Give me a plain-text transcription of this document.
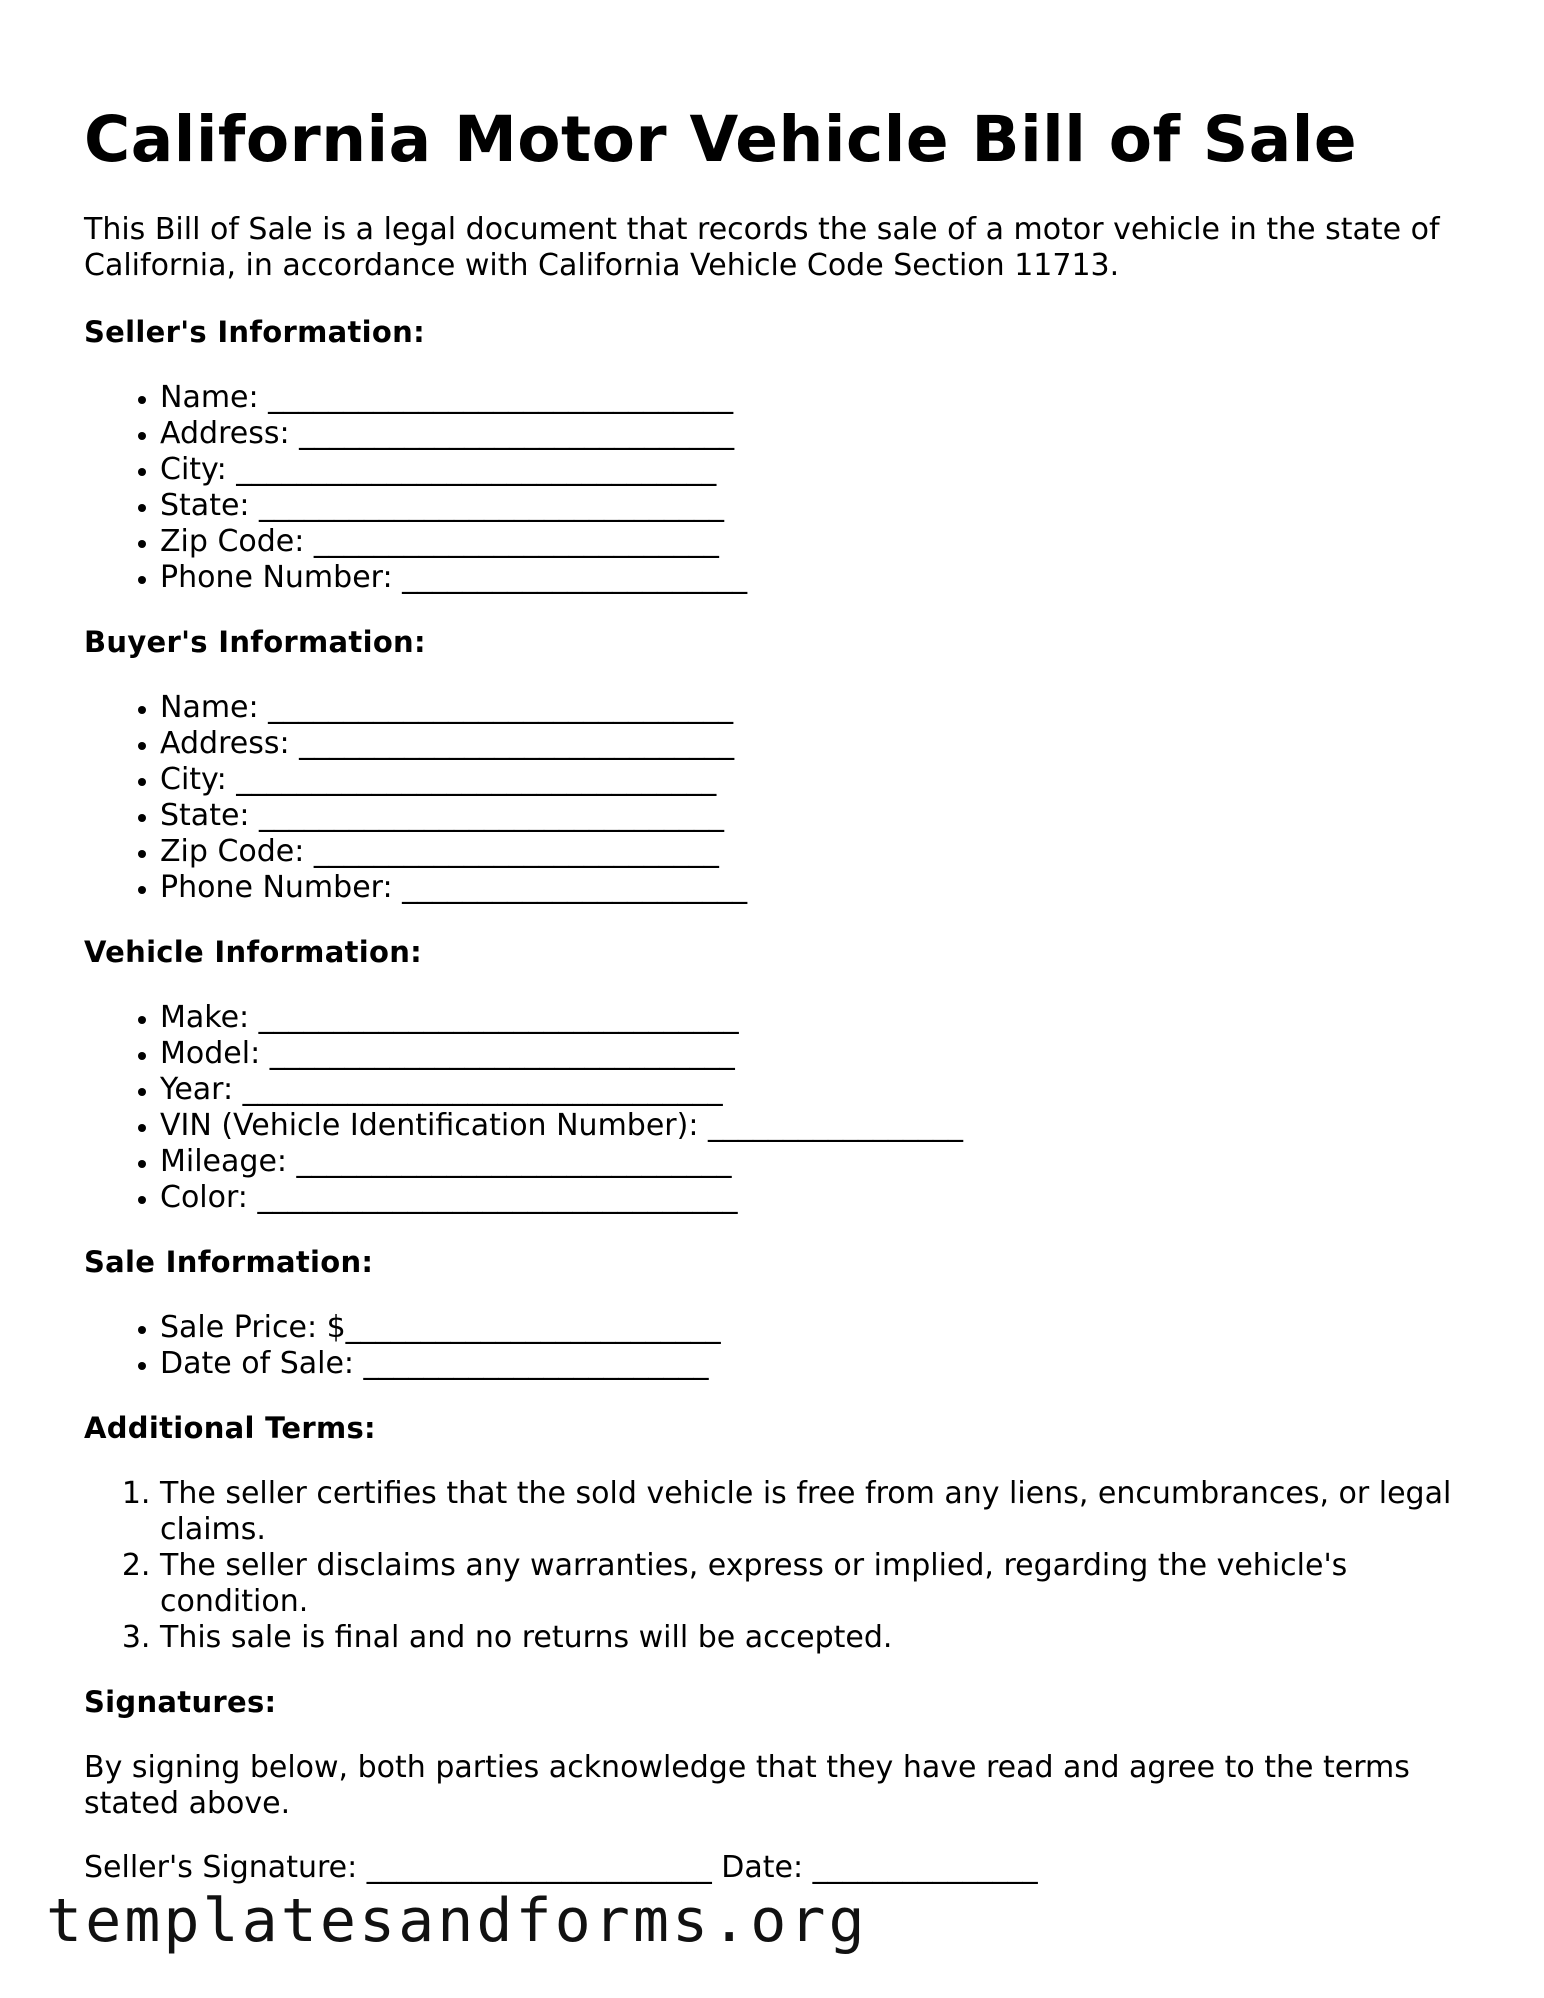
California Motor Vehicle Bill of Sale

This Bill of Sale is a legal document that records the sale of a motor vehicle in the state of California, in accordance with California Vehicle Code Section 11713.

Seller's Information:
• Name: _______________________________
• Address: _____________________________
• City: ________________________________
• State: _______________________________
• Zip Code: ___________________________
• Phone Number: _______________________
Buyer's Information:
• Name: _______________________________
• Address: _____________________________
• City: ________________________________
• State: _______________________________
• Zip Code: ___________________________
• Phone Number: _______________________
Vehicle Information:
• Make: ________________________________
• Model: _______________________________
• Year: ________________________________
• VIN (Vehicle Identification Number): _________________
• Mileage: _____________________________
• Color: ________________________________
Sale Information:
• Sale Price: $_________________________
• Date of Sale: _______________________
Additional Terms:
1. The seller certifies that the sold vehicle is free from any liens, encumbrances, or legal claims.
2. The seller disclaims any warranties, express or implied, regarding the vehicle's condition.
3. This sale is final and no returns will be accepted.
Signatures:

By signing below, both parties acknowledge that they have read and agree to the terms stated above.

Seller's Signature: _______________________ Date: _______________
templatesandforms.org
